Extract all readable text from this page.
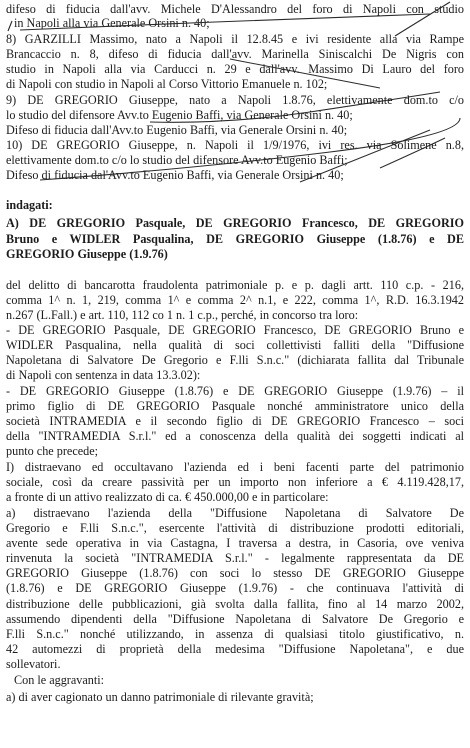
difeso di fiducia dall'avv. Michele D'Alessandro del foro di Napoli con studio
in Napoli alla via Generale Orsini n. 40;
8) GARZILLI Massimo, nato a Napoli il 12.8.45 e ivi residente alla via Rampe
Brancaccio n. 8, difeso di fiducia dall'avv. Marinella Siniscalchi De Nigris con
studio in Napoli alla via Carducci n. 29 e dall'avv. Massimo Di Lauro del foro
di Napoli con studio in Napoli al Corso Vittorio Emanuele n. 102;
9) DE GREGORIO Giuseppe, nato a Napoli 1.8.76, elettivamente dom.to c/o
lo studio del difensore Avv.to Eugenio Baffi, via Generale Orsini n. 40;
Difeso di fiducia dall'Avv.to Eugenio Baffi, via Generale Orsini n. 40;
10) DE GREGORIO Giuseppe, n. Napoli il 1/9/1976, ivi res. via Solimene n.8,
elettivamente dom.to c/o lo studio del difensore Avv.to Eugenio Baffi;
Difeso di fiducia dal'Avv.to Eugenio Baffi, via Generale Orsini n. 40;
indagati:
A) DE GREGORIO Pasquale, DE GREGORIO Francesco, DE GREGORIO
Bruno e WIDLER Pasqualina, DE GREGORIO Giuseppe (1.8.76) e DE
GREGORIO Giuseppe (1.9.76)
del delitto di bancarotta fraudolenta patrimoniale p. e p. dagli artt. 110 c.p. - 216,
comma 1^ n. 1, 219, comma 1^ e comma 2^ n.1, e 222, comma 1^, R.D. 16.3.1942
n.267 (L.Fall.) e art. 110, 112 co 1 n. 1 c.p., perché, in concorso tra loro:
- DE GREGORIO Pasquale, DE GREGORIO Francesco, DE GREGORIO Bruno e
WIDLER Pasqualina, nella qualità di soci collettivisti falliti della "Diffusione
Napoletana di Salvatore De Gregorio e F.lli S.n.c." (dichiarata fallita dal Tribunale
di Napoli con sentenza in data 13.3.02):
- DE GREGORIO Giuseppe (1.8.76) e DE GREGORIO Giuseppe (1.9.76) – il
primo figlio di DE GREGORIO Pasquale nonché amministratore unico della
società INTRAMEDIA e il secondo figlio di DE GREGORIO Francesco – soci
della "INTRAMEDIA S.r.l." ed a conoscenza della qualità dei soggetti indicati al
punto che precede;
I) distraevano ed occultavano l'azienda ed i beni facenti parte del patrimonio
sociale, così da creare passività per un importo non inferiore a € 4.119.428,17,
a fronte di un attivo realizzato di ca. € 450.000,00 e in particolare:
a) distraevano l'azienda della "Diffusione Napoletana di Salvatore De
Gregorio e F.lli S.n.c.", esercente l'attività di distribuzione prodotti editoriali,
avente sede operativa in via Castagna, I traversa a destra, in Casoria, ove veniva
rinvenuta la società "INTRAMEDIA S.r.l." - legalmente rappresentata da DE
GREGORIO Giuseppe (1.8.76) con soci lo stesso DE GREGORIO Giuseppe
(1.8.76) e DE GREGORIO Giuseppe (1.9.76) - che continuava l'attività di
distribuzione delle pubblicazioni, già svolta dalla fallita, fino al 14 marzo 2002,
assumendo dipendenti della "Diffusione Napoletana di Salvatore De Gregorio e
F.lli S.n.c." nonché utilizzando, in assenza di qualsiasi titolo giustificativo, n.
42 automezzi di proprietà della medesima "Diffusione Napoletana", e due
sollevatori.
Con le aggravanti:
a) di aver cagionato un danno patrimoniale di rilevante gravità;
